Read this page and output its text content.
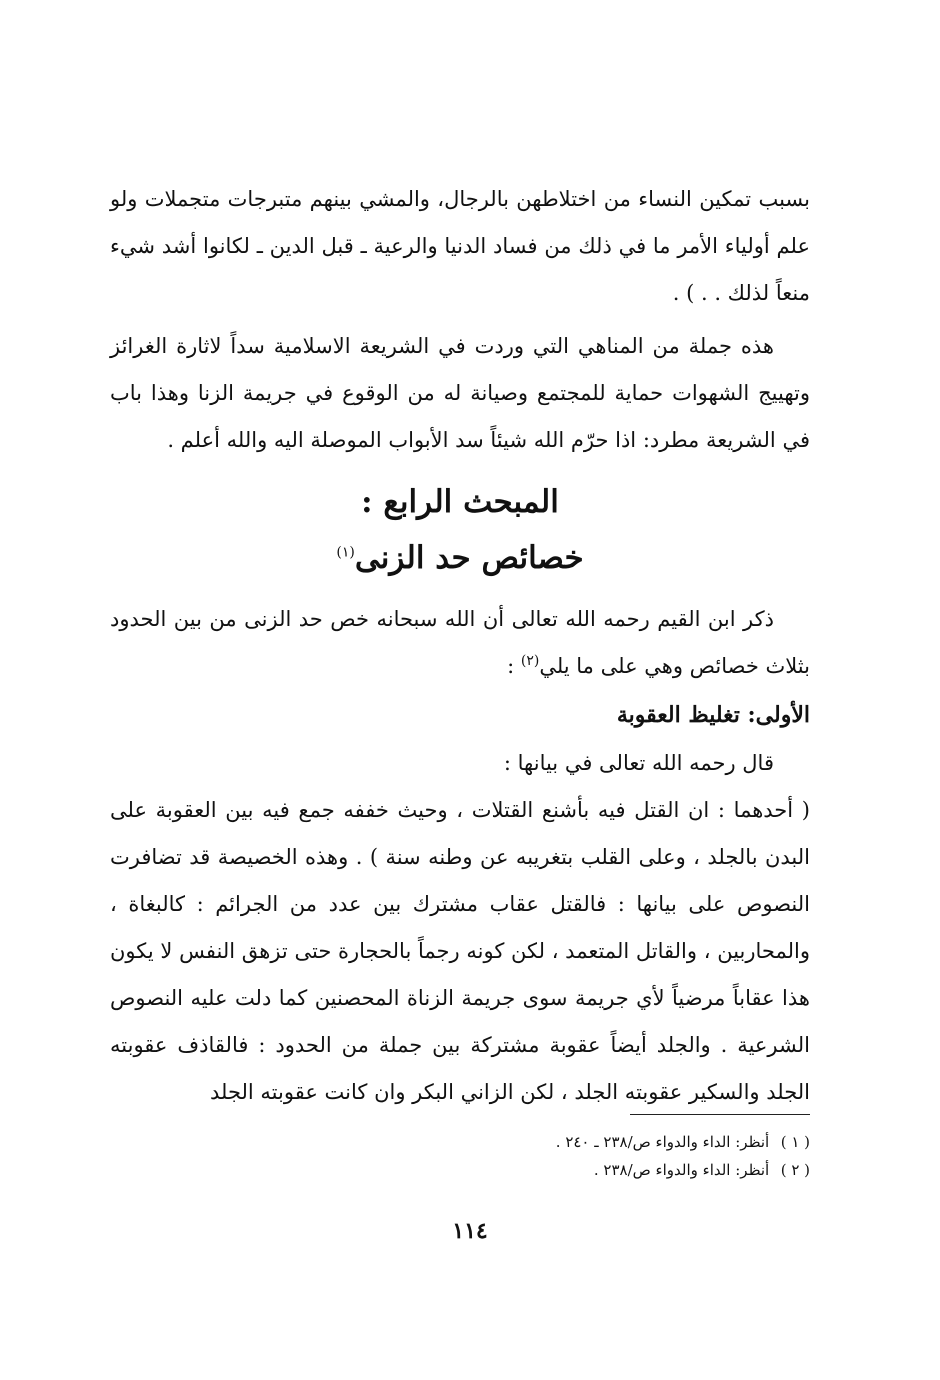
بسبب تمكين النساء من اختلاطهن بالرجال، والمشي بينهم متبرجات متجملات ولو علم أولياء الأمر ما في ذلك من فساد الدنيا والرعية ـ قبل الدين ـ لكانوا أشد شيء منعاً لذلك . . ) .

هذه جملة من المناهي التي وردت في الشريعة الاسلامية سداً لاثارة الغرائز وتهييج الشهوات حماية للمجتمع وصيانة له من الوقوع في جريمة الزنا وهذا باب في الشريعة مطرد: اذا حرّم الله شيئاً سد الأبواب الموصلة اليه والله أعلم .

المبحث الرابع :

خصائص حد الزنى$^{(١)}$

ذكر ابن القيم رحمه الله تعالى أن الله سبحانه خص حد الزنى من بين الحدود بثلاث خصائص وهي على ما يلي$^{(٢)}$ :

الأولى: تغليظ العقوبة

قال رحمه الله تعالى في بيانها :

( أحدهما : ان القتل فيه بأشنع القتلات ، وحيث خففه جمع فيه بين العقوبة على البدن بالجلد ، وعلى القلب بتغريبه عن وطنه سنة ) . وهذه الخصيصة قد تضافرت النصوص على بيانها : فالقتل عقاب مشترك بين عدد من الجرائم : كالبغاة ، والمحاربين ، والقاتل المتعمد ، لكن كونه رجماً بالحجارة حتى تزهق النفس لا يكون هذا عقاباً مرضياً لأي جريمة سوى جريمة الزناة المحصنين كما دلت عليه النصوص الشرعية . والجلد أيضاً عقوبة مشتركة بين جملة من الحدود : فالقاذف عقوبته الجلد والسكير عقوبته الجلد ، لكن الزاني البكر وان كانت عقوبته الجلد

( ١ ) أنظر: الداء والدواء ص/٢٣٨ ـ ٢٤٠ .

( ٢ ) أنظر: الداء والدواء ص/٢٣٨ .

١١٤
